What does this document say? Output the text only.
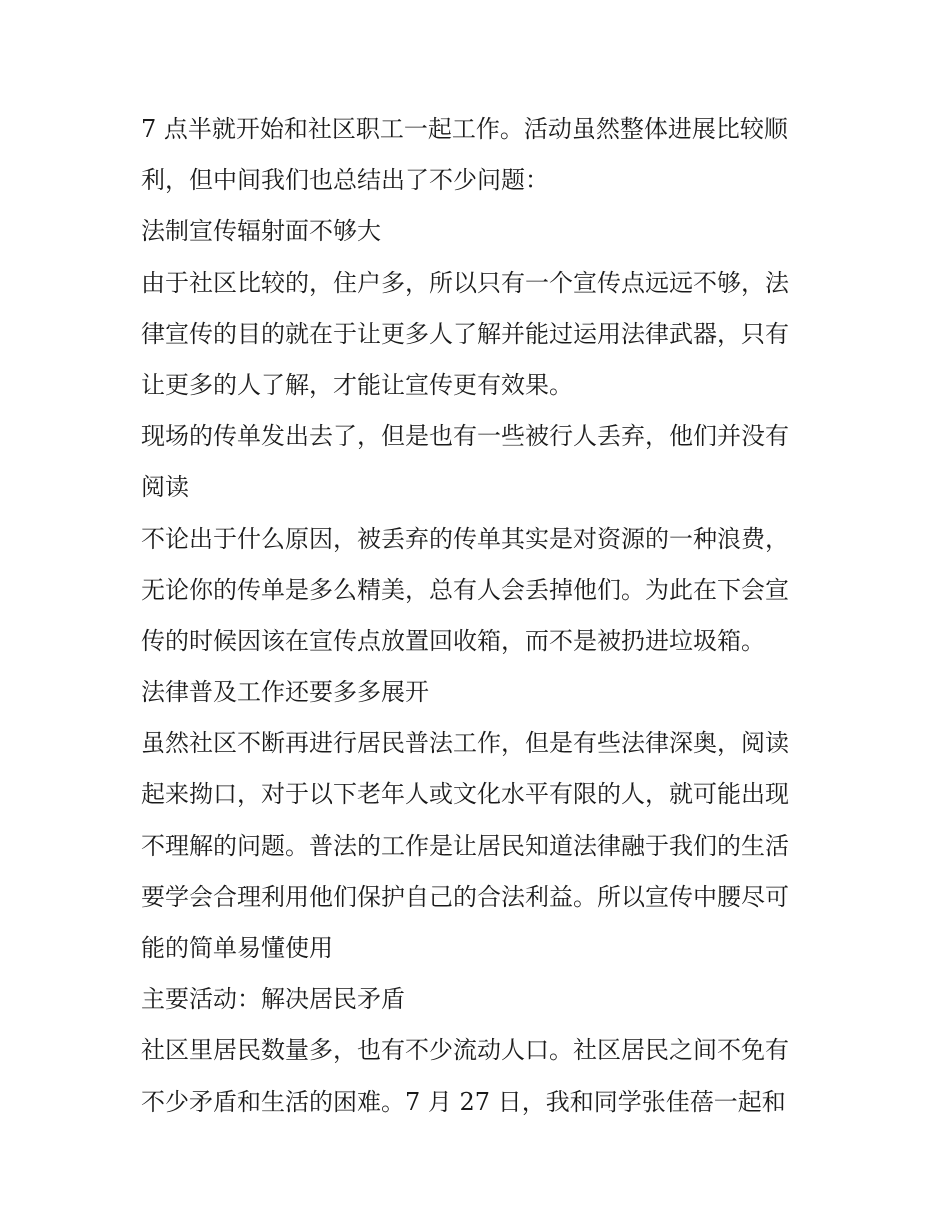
7 点半就开始和社区职工一起工作。活动虽然整体进展比较顺
利，但中间我们也总结出了不少问题：
法制宣传辐射面不够大
由于社区比较的，住户多，所以只有一个宣传点远远不够，法
律宣传的目的就在于让更多人了解并能过运用法律武器，只有
让更多的人了解，才能让宣传更有效果。
现场的传单发出去了，但是也有一些被行人丢弃，他们并没有
阅读
不论出于什么原因，被丢弃的传单其实是对资源的一种浪费，
无论你的传单是多么精美，总有人会丢掉他们。为此在下会宣
传的时候因该在宣传点放置回收箱，而不是被扔进垃圾箱。
法律普及工作还要多多展开
虽然社区不断再进行居民普法工作，但是有些法律深奥，阅读
起来拗口，对于以下老年人或文化水平有限的人，就可能出现
不理解的问题。普法的工作是让居民知道法律融于我们的生活
要学会合理利用他们保护自己的合法利益。所以宣传中腰尽可
能的简单易懂使用
主要活动：解决居民矛盾
社区里居民数量多，也有不少流动人口。社区居民之间不免有
不少矛盾和生活的困难。7 月 27 日，我和同学张佳蓓一起和
